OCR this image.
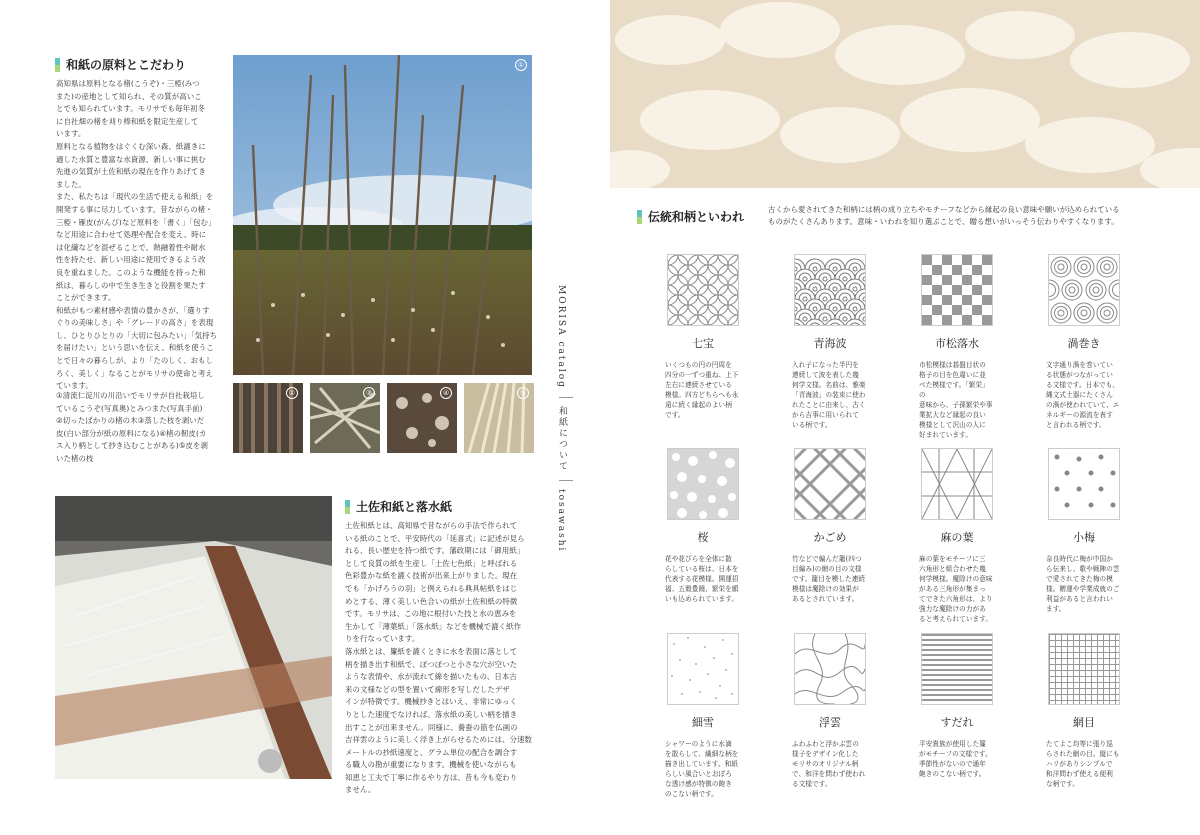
和紙の原料とこだわり
高知県は原料となる楮(こうぞ)・三椏(みつ
また)の産地として知られ、その質が高いこ
とでも知られています。モリサでも毎年初冬
に自社畑の楮を刈り棒和紙を限定生産して
います。
原料となる植物をはぐくむ深い森、紙漉きに
適した水質と豊富な水資源、新しい事に挑む
先進の気質が土佐和紙の現在を作りあげてき
ました。
また、私たちは「現代の生活で使える和紙」を
開発する事に尽力しています。昔ながらの楮・
三椏・雁皮(がんぴ)など原料を「書く」「包む」
など用途に合わせて処理や配合を変え、時に
は化繊などを混ぜることで、熱融着性や耐水
性を持たせ、新しい用途に使用できるよう改
良を重ねました。このような機能を持った和
紙は、暮らしの中で生き生きと役割を果たす
ことができます。
和紙がもつ素材感や表情の豊かさが、「選りす
ぐりの美味しさ」や「グレードの高さ」を表現
し、ひとりひとりの「大切に包みたい」「気持ち
を届けたい」という思いを伝え、和紙を使うこ
とで日々の暮らしが、より「たのしく、おもし
ろく、美しく」なることがモリサの使命と考え
ています。
①清流仁淀川の川沿いでモリサが自社栽培し
ているこうぞ(写真奥)とみつまた(写真手前)
②切ったばかりの楮の木③蒸した枝を剥いだ
皮(白い部分が紙の原料になる)④楮の靭皮(カ
ス入り柄として抄き込むことがある)⑤皮を剥
いた楮の枝
①
②	③	④	⑤
土佐和紙と落水紙
土佐和紙とは、高知県で昔ながらの手法で作られて
いる紙のことで、平安時代の「延喜式」に記述が見ら
れる、長い歴史を持つ紙です。藩政期には「御用紙」
として良質の紙を生産し「土佐七色紙」と呼ばれる
色彩豊かな紙を漉く技術が出来上がりました。現在
でも「かげろうの羽」と例えられる典具帖紙をはじ
めとする、薄く美しい色合いの紙が土佐和紙の特徴
です。モリサは、この地に根付いた技と水の恵みを
生かして「薄葉紙」「落水紙」などを機械で漉く紙作
りを行なっています。
落水紙とは、簾紙を漉くときに水を表面に落として
柄を描き出す和紙で、ぽつぽつと小さな穴が空いた
ような表情や、水が流れて線を描いたもの、日本古
来の文様などの型を置いて線形を写しだしたデザ
インが特徴です。機械抄きとはいえ、非常にゆっく
りとした速度でなければ、落水紙の美しい柄を描き
出すことが出来ません。同様に、養蚕の筋を仏画の
吉祥雲のように美しく浮き上がらせるためには、分速数
メートルの抄紙速度と、グラム単位の配合を調合す
る職人の勘が重要になります。機械を使いながらも
知恵と工夫で丁寧に作るやり方は、昔も今も変わり
ません。
MORISA catalog
和紙について
tosawashi
伝統和柄といわれ
古くから愛されてきた和柄には柄の成り立ちやモチーフなどから縁起の良い意味や願いが込められている
ものがたくさんあります。意味・いわれを知り選ぶことで、贈る想いがいっそう伝わりやすくなります。
七宝
いくつもの円の円周を
四分の一ずつ重ね、上下
左右に連続させている
模様。四方どちらへも永
遠に続く縁起のよい柄
です。
青海波
入れ子になった半円を
連続して波を表した幾
何学文様。名前は、雅楽
「青海波」の装束に使わ
れたことに由来し、古く
から吉事に用いられて
いる柄です。
市松落水
市松模様は碁盤目状の
格子の目を色違いに並
べた模様です。「繁栄」の
意味から、子孫繁栄や事
業拡大など縁起の良い
模様として沢山の人に
好まれています。
渦巻き
文字通り渦を巻いてい
る状態がつながってい
る文様です。日本でも、
縄文式土器にたくさん
の渦が使われていて、エ
ネルギーの源流を表す
と言われる柄です。
桜
花や花びらを全体に散
らしている桜は、日本を
代表する花模様。開運招
福、五穀豊饒、繁栄を願
いも込められています。
かごめ
竹などで編んだ籠(四つ
目編み)の網の目の文様
です。籠目を模した連続
模様は魔除けの効果が
あるとされています。
麻の葉
麻の葉をモチーフに三
六角形と組合わせた幾
何学模様。魔除けの意味
がある三角形が集まっ
てできた六角形は、より
強力な魔除けの力があ
ると考えられています。
小梅
奈良時代に梅が中国か
ら伝来し、歌や戦陣の雲
で愛されてきた梅の模
様。贈運や学業成就のご
利益があると言われい
ます。
細雪
シャワーのように水滴
を散らして、繊細な柄を
描き出しています。和紙
らしい風合いとおぼろ
な透け感が特徴の飽き
のこない柄です。
浮雲
ふわふわと浮かぶ雲の
様子をデザイン化した
モリサのオリジナル柄
で、和洋を問わず使われ
る文様です。
すだれ
平安貴族が使用した簾
がモチーフの文様です。
季節性がないので通年
飽きのこない柄です。
網目
たてよこ均等に張り巡
らされた網の目。縦にも
ハリがありシンプルで
和洋問わず使える便利
な柄です。
